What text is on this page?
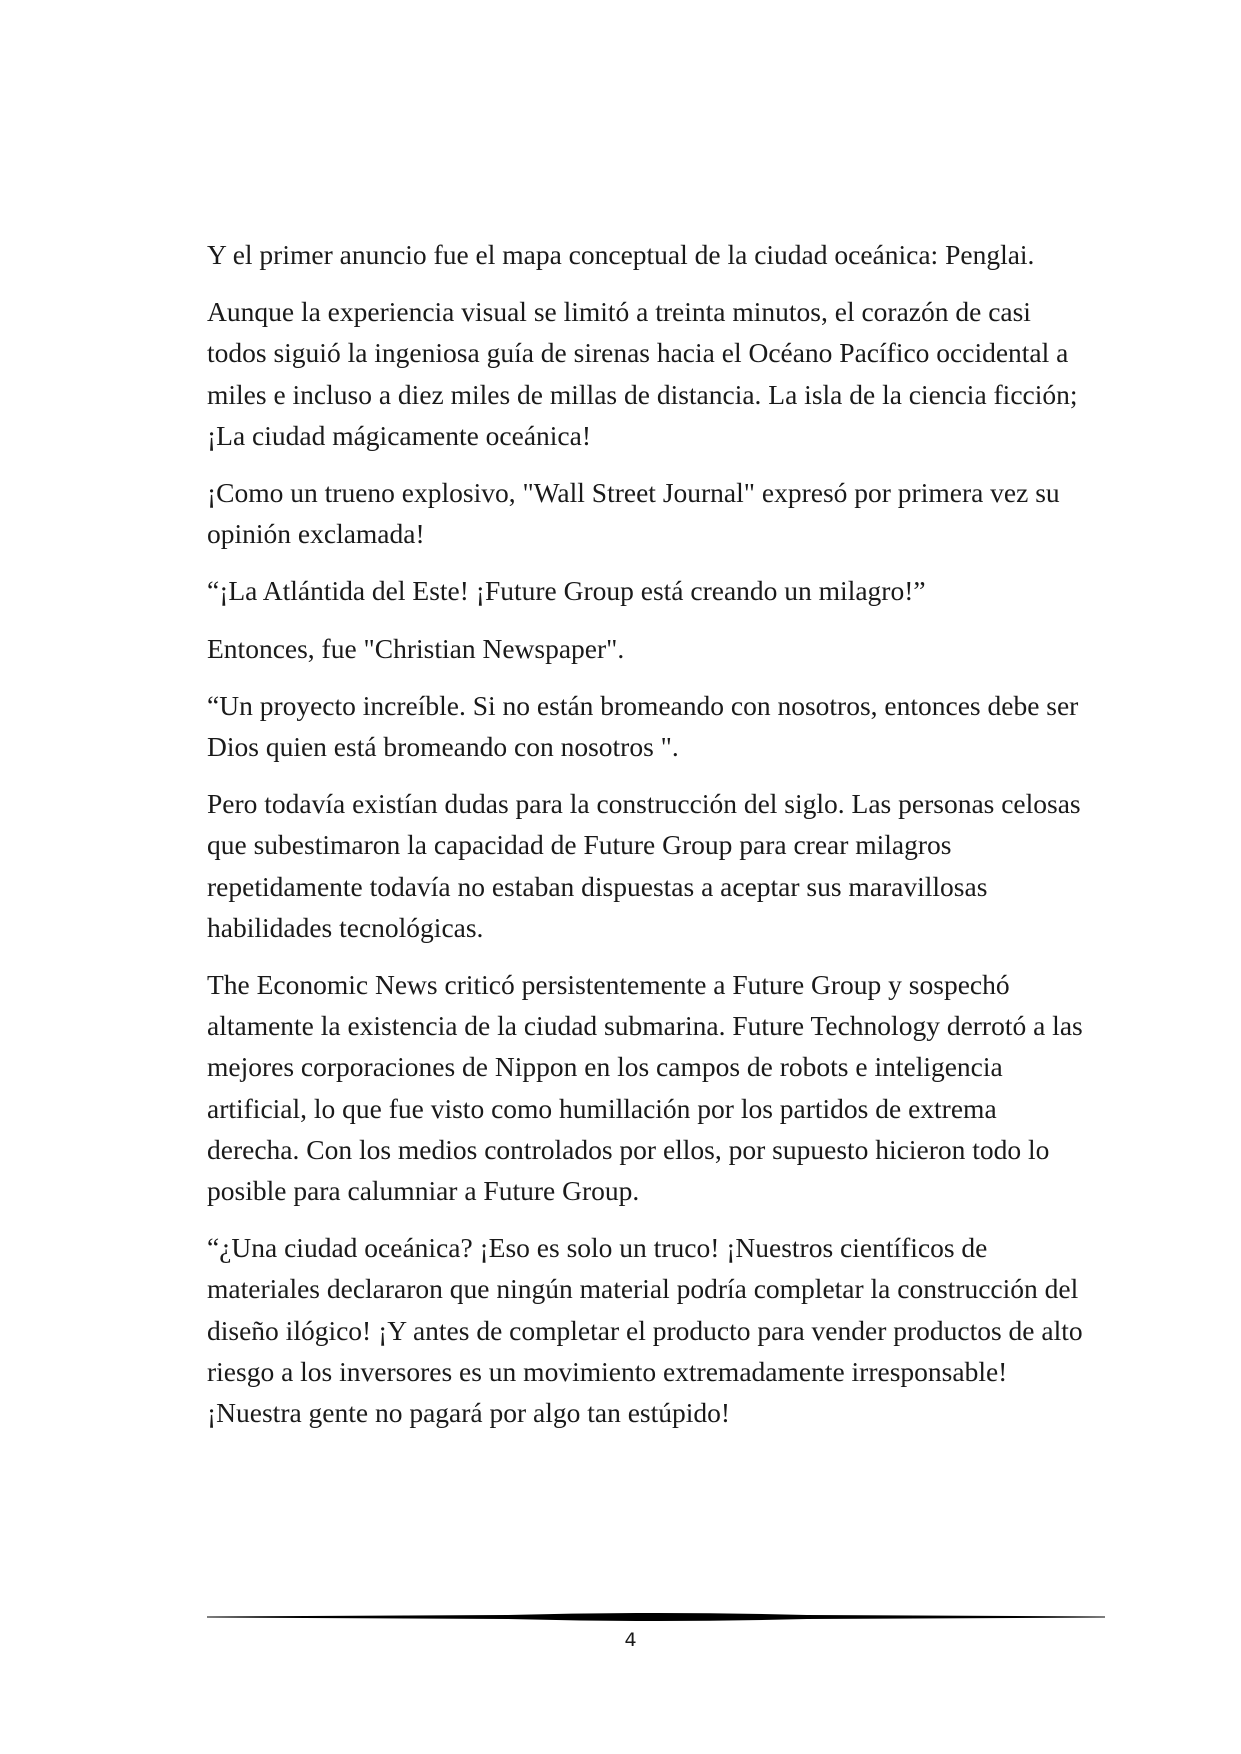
Y el primer anuncio fue el mapa conceptual de la ciudad oceánica: Penglai.

Aunque la experiencia visual se limitó a treinta minutos, el corazón de casi todos siguió la ingeniosa guía de sirenas hacia el Océano Pacífico occidental a miles e incluso a diez miles de millas de distancia. La isla de la ciencia ficción; ¡La ciudad mágicamente oceánica!

¡Como un trueno explosivo, "Wall Street Journal" expresó por primera vez su opinión exclamada!

“¡La Atlántida del Este! ¡Future Group está creando un milagro!”

Entonces, fue "Christian Newspaper".

“Un proyecto increíble. Si no están bromeando con nosotros, entonces debe ser Dios quien está bromeando con nosotros ".

Pero todavía existían dudas para la construcción del siglo. Las personas celosas que subestimaron la capacidad de Future Group para crear milagros repetidamente todavía no estaban dispuestas a aceptar sus maravillosas habilidades tecnológicas.

The Economic News criticó persistentemente a Future Group y sospechó altamente la existencia de la ciudad submarina. Future Technology derrotó a las mejores corporaciones de Nippon en los campos de robots e inteligencia artificial, lo que fue visto como humillación por los partidos de extrema derecha. Con los medios controlados por ellos, por supuesto hicieron todo lo posible para calumniar a Future Group.

“¿Una ciudad oceánica? ¡Eso es solo un truco! ¡Nuestros científicos de materiales declararon que ningún material podría completar la construcción del diseño ilógico! ¡Y antes de completar el producto para vender productos de alto riesgo a los inversores es un movimiento extremadamente irresponsable! ¡Nuestra gente no pagará por algo tan estúpido!

4
